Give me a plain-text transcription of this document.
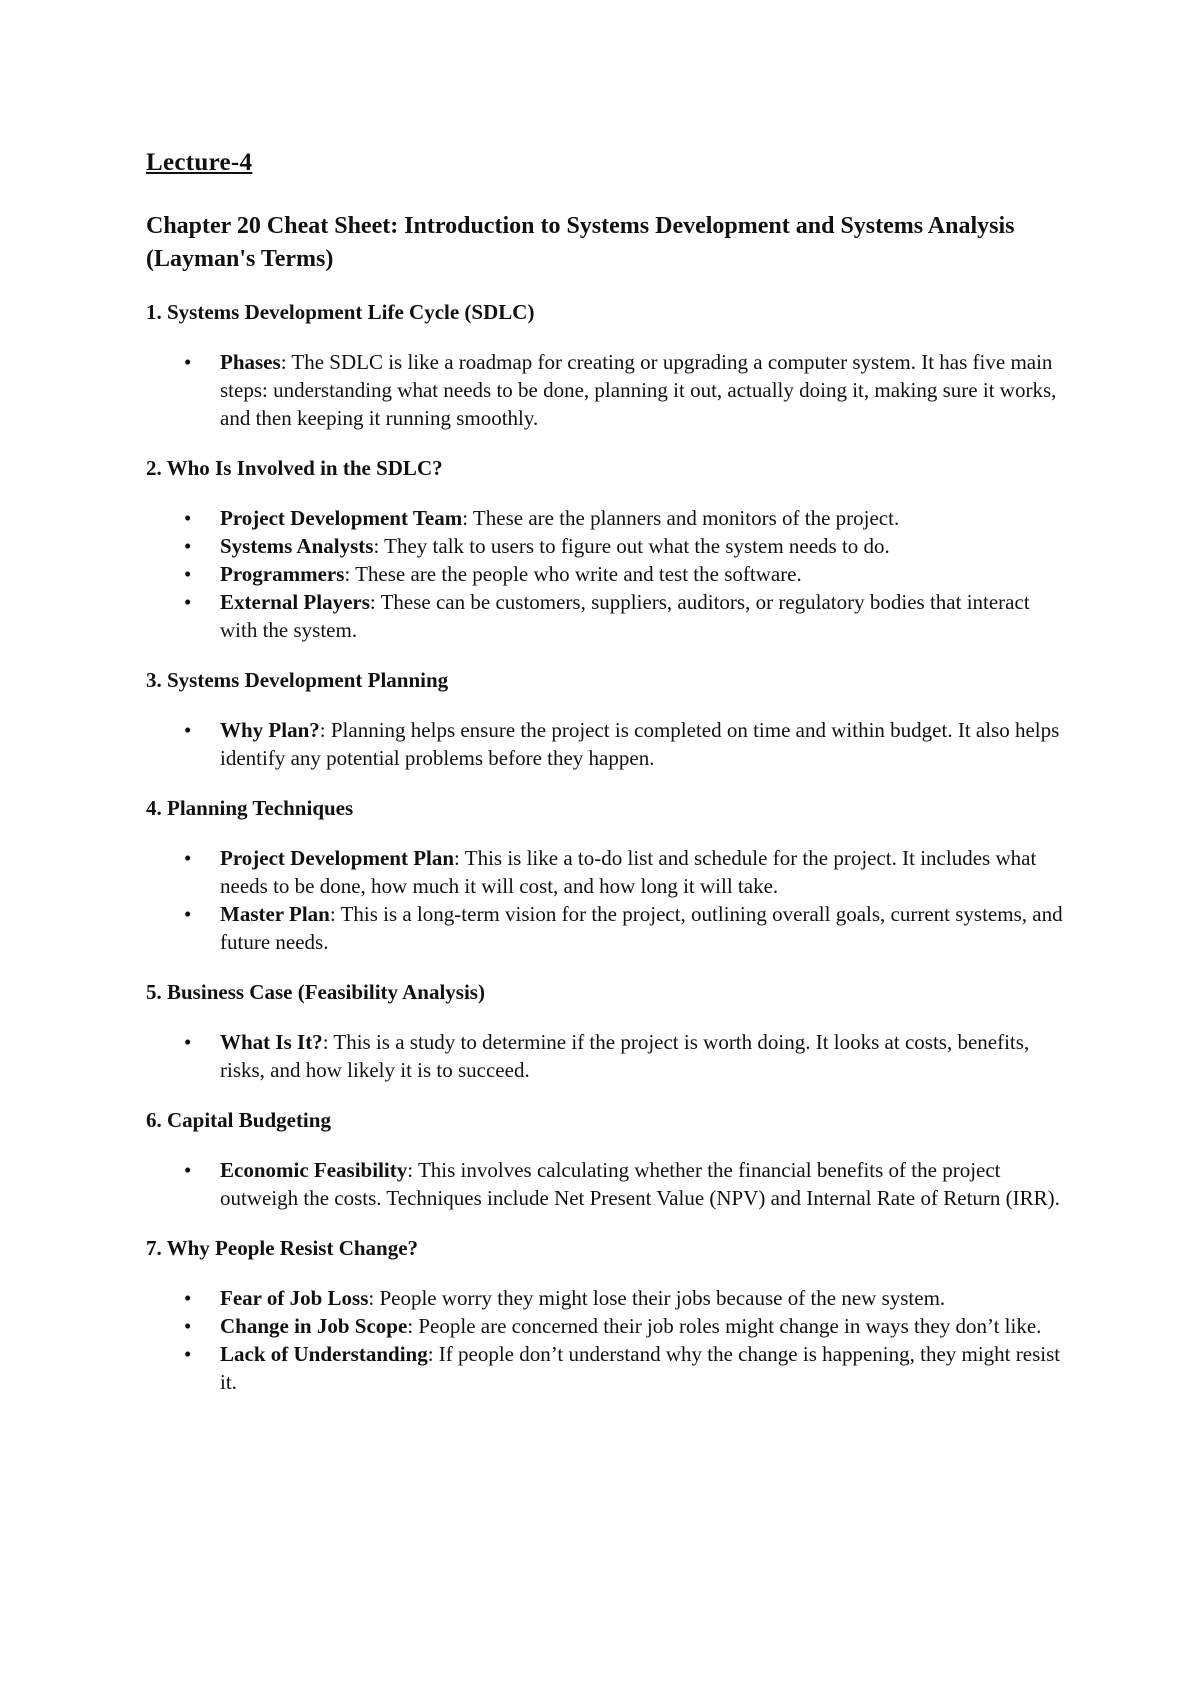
Lecture-4
Chapter 20 Cheat Sheet: Introduction to Systems Development and Systems Analysis (Layman's Terms)
1. Systems Development Life Cycle (SDLC)
• Phases: The SDLC is like a roadmap for creating or upgrading a computer system. It has five main steps: understanding what needs to be done, planning it out, actually doing it, making sure it works, and then keeping it running smoothly.
2. Who Is Involved in the SDLC?
• Project Development Team: These are the planners and monitors of the project.
• Systems Analysts: They talk to users to figure out what the system needs to do.
• Programmers: These are the people who write and test the software.
• External Players: These can be customers, suppliers, auditors, or regulatory bodies that interact with the system.
3. Systems Development Planning
• Why Plan?: Planning helps ensure the project is completed on time and within budget. It also helps identify any potential problems before they happen.
4. Planning Techniques
• Project Development Plan: This is like a to-do list and schedule for the project. It includes what needs to be done, how much it will cost, and how long it will take.
• Master Plan: This is a long-term vision for the project, outlining overall goals, current systems, and future needs.
5. Business Case (Feasibility Analysis)
• What Is It?: This is a study to determine if the project is worth doing. It looks at costs, benefits, risks, and how likely it is to succeed.
6. Capital Budgeting
• Economic Feasibility: This involves calculating whether the financial benefits of the project outweigh the costs. Techniques include Net Present Value (NPV) and Internal Rate of Return (IRR).
7. Why People Resist Change?
• Fear of Job Loss: People worry they might lose their jobs because of the new system.
• Change in Job Scope: People are concerned their job roles might change in ways they don’t like.
• Lack of Understanding: If people don’t understand why the change is happening, they might resist it.
